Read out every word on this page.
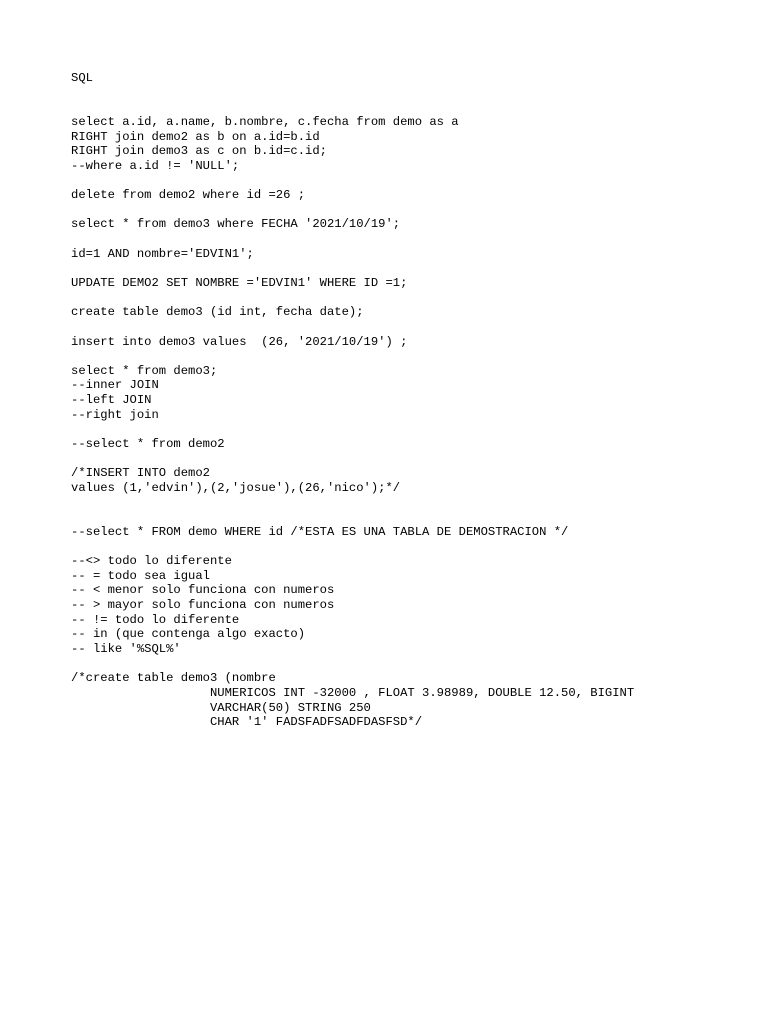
SQL
select a.id, a.name, b.nombre, c.fecha from demo as a
RIGHT join demo2 as b on a.id=b.id
RIGHT join demo3 as c on b.id=c.id;
--where a.id != 'NULL';
delete from demo2 where id =26 ;
select * from demo3 where FECHA '2021/10/19';
id=1 AND nombre='EDVIN1';
UPDATE DEMO2 SET NOMBRE ='EDVIN1' WHERE ID =1;
create table demo3 (id int, fecha date);
insert into demo3 values  (26, '2021/10/19') ;
select * from demo3;
--inner JOIN
--left JOIN
--right join
--select * from demo2
/*INSERT INTO demo2
values (1,'edvin'),(2,'josue'),(26,'nico');*/
--select * FROM demo WHERE id /*ESTA ES UNA TABLA DE DEMOSTRACION */
--<> todo lo diferente
-- = todo sea igual
-- < menor solo funciona con numeros
-- > mayor solo funciona con numeros
-- != todo lo diferente
-- in (que contenga algo exacto)
-- like '%SQL%'
/*create table demo3 (nombre
NUMERICOS INT -32000 , FLOAT 3.98989, DOUBLE 12.50, BIGINT
VARCHAR(50) STRING 250
CHAR '1' FADSFADFSADFDASFSD*/
